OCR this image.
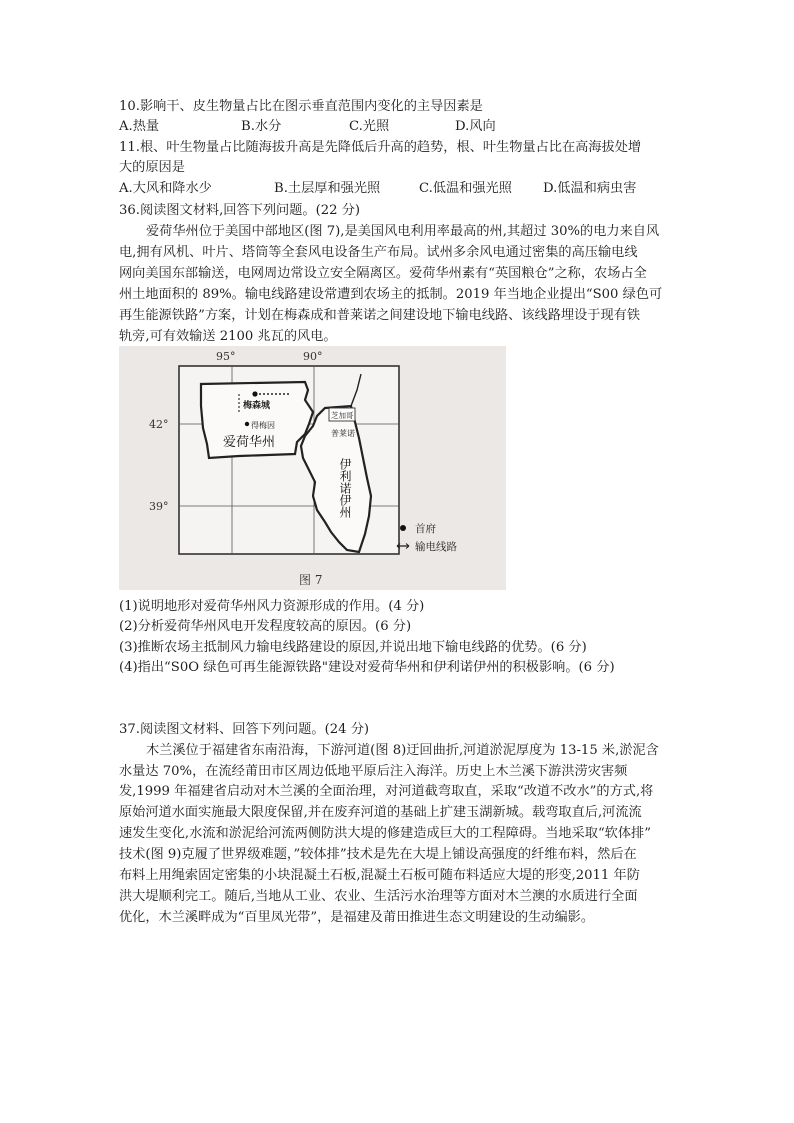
10.影响干、皮生物量占比在图示垂直范围内变化的主导因素是
A.热量	B.水分	C.光照	D.风向
11.根、叶生物量占比随海拔升高是先降低后升高的趋势，根、叶生物量占比在高海拔处增
大的原因是
A.大风和降水少	B.土层厚和强光照	C.低温和强光照 D.低温和病虫害
36.阅读图文材料,回答下列问题。(22 分)
爱荷华州位于美国中部地区(图 7),是美国风电利用率最高的州,其超过 30%的电力来自风
电,拥有风机、叶片、塔筒等全套风电设备生产布局。试州多余风电通过密集的高压输电线
网向美国东部输送，电网周边常设立安全隔离区。爱荷华州素有“英国粮仓”之称，农场占全
州土地面积的 89%。输电线路建设常遭到农场主的抵制。2019 年当地企业提出“S00 绿色可
再生能源铁路”方案，计划在梅森成和普莱诺之间建设地下输电线路、该线路埋设于现有铁
轨旁,可有效输送 2100 兆瓦的风电。
95°	90°
42°
39°
梅森城
得梅因
芝加哥
普莱诺
爱荷华州
伊利诺伊州
首府
输电线路
图 7
(1)说明地形对爱荷华州风力资源形成的作用。(4 分)
(2)分析爱荷华州风电开发程度较高的原因。(6 分)
(3)推断农场主抵制风力输电线路建设的原因,并说出地下输电线路的优势。(6 分)
(4)指出“S0O 绿色可再生能源铁路"建设对爱荷华州和伊利诺伊州的积极影响。(6 分)
37.阅读图文材料、回答下列问题。(24 分)
木兰溪位于福建省东南沿海，下游河道(图 8)迂回曲折,河道淤泥厚度为 13-15 米,淤泥含
水量达 70%，在流经莆田市区周边低地平原后注入海洋。历史上木兰溪下游洪涝灾害频
发,1999 年福建省启动对木兰溪的全面治理，对河道截弯取直，采取“改道不改水”的方式,将
原始河道水面实施最大限度保留,并在废弃河道的基础上扩建玉湖新城。载弯取直后,河流流
速发生变化,水流和淤泥给河流两侧防洪大堤的修建造成巨大的工程障碍。当地采取“软体排”
技术(图 9)克履了世界级难题，”较体排”技术是先在大堤上铺设高强度的纤维布料，然后在
布料上用绳索固定密集的小块混凝土石板,混凝土石板可随布料适应大堤的形变,2011 年防
洪大堤顺利完工。随后,当地从工业、农业、生活污水治理等方面对木兰澳的水质进行全面
优化，木兰溪畔成为“百里凤光带”，是福建及莆田推进生态文明建设的生动编影。
